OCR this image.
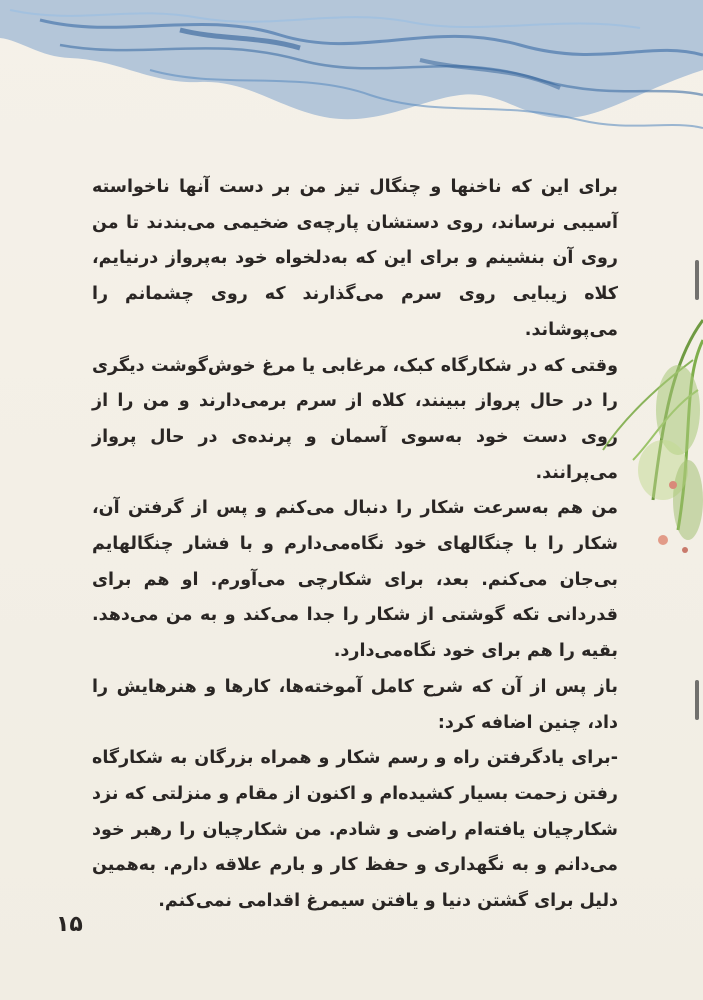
برای این که ناخنها و چنگال تیز من بر دست آنها ناخواسته آسیبی نرساند، روی دستشان پارچه‌ی ضخیمی می‌بندند تا من روی آن بنشینم و برای این که به‌دلخواه خود به‌پرواز درنیایم، کلاه زیبایی روی سرم می‌گذارند که روی چشمانم را می‌پوشاند.

وقتی که در شکارگاه کبک، مرغابی یا مرغ خوش‌گوشت دیگری را در حال پرواز ببینند، کلاه از سرم برمی‌دارند و من را از روی دست خود به‌سوی آسمان و پرنده‌ی در حال پرواز می‌پرانند.

من هم به‌سرعت شکار را دنبال می‌کنم و پس از گرفتن آن، شکار را با چنگالهای خود نگاه‌می‌دارم و با فشار چنگالهایم بی‌جان می‌کنم. بعد، برای شکارچی می‌آورم. او هم برای قدردانی تکه گوشتی از شکار را جدا می‌کند و به من می‌دهد. بقیه را هم برای خود نگاه‌می‌دارد.

باز پس از آن که شرح کامل آموخته‌ها، کارها و هنرهایش را داد، چنین اضافه کرد:

-برای یادگرفتن راه و رسم شکار و همراه بزرگان به شکارگاه رفتن زحمت بسیار کشیده‌ام و اکنون از مقام و منزلتی که نزد شکارچیان یافته‌ام راضی و شادم. من شکارچیان را رهبر خود می‌دانم و به نگهداری و حفظ کار و بارم علاقه دارم. به‌همین دلیل برای گشتن دنیا و یافتن سیمرغ اقدامی نمی‌کنم.

۱۵
